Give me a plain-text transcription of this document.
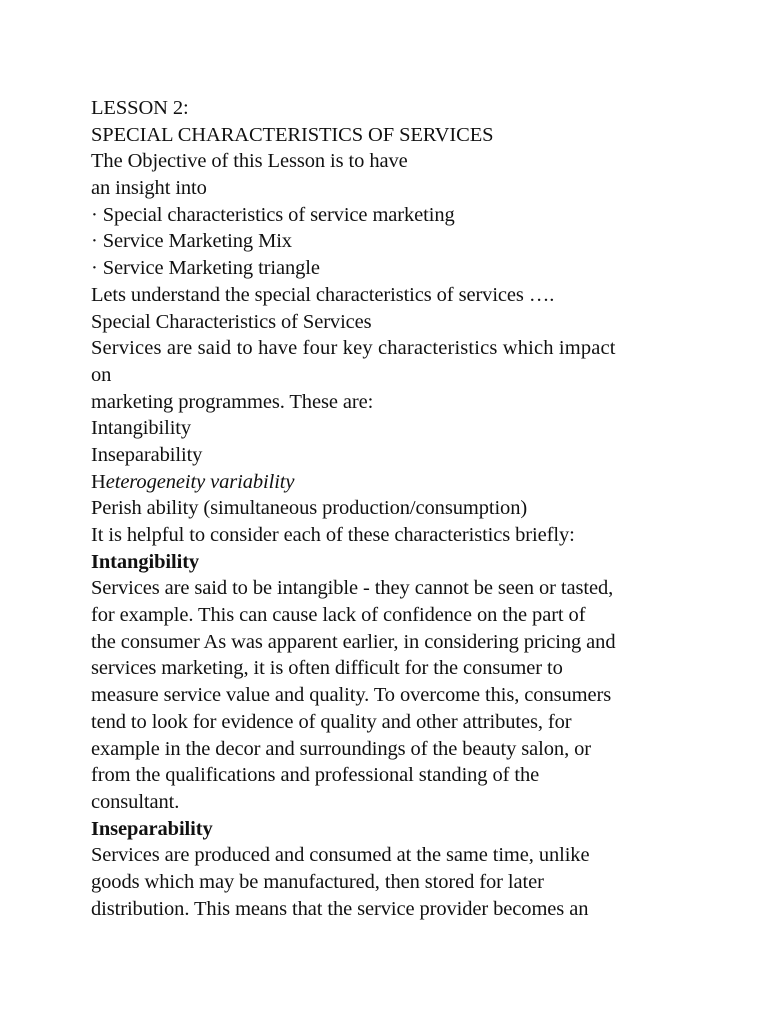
LESSON 2:
SPECIAL CHARACTERISTICS OF SERVICES
The Objective of this Lesson is to have
an insight into
· Special characteristics of service marketing
· Service Marketing Mix
· Service Marketing triangle
Lets understand the special characteristics of services ….
Special Characteristics of Services
Services are said to have four key characteristics which impact
on
marketing programmes. These are:
Intangibility
Inseparability
Heterogeneity variability
Perish ability (simultaneous production/consumption)
It is helpful to consider each of these characteristics briefly:
Intangibility
Services are said to be intangible - they cannot be seen or tasted,
for example. This can cause lack of confidence on the part of
the consumer As was apparent earlier, in considering pricing and
services marketing, it is often difficult for the consumer to
measure service value and quality. To overcome this, consumers
tend to look for evidence of quality and other attributes, for
example in the decor and surroundings of the beauty salon, or
from the qualifications and professional standing of the
consultant.
Inseparability
Services are produced and consumed at the same time, unlike
goods which may be manufactured, then stored for later
distribution. This means that the service provider becomes an
